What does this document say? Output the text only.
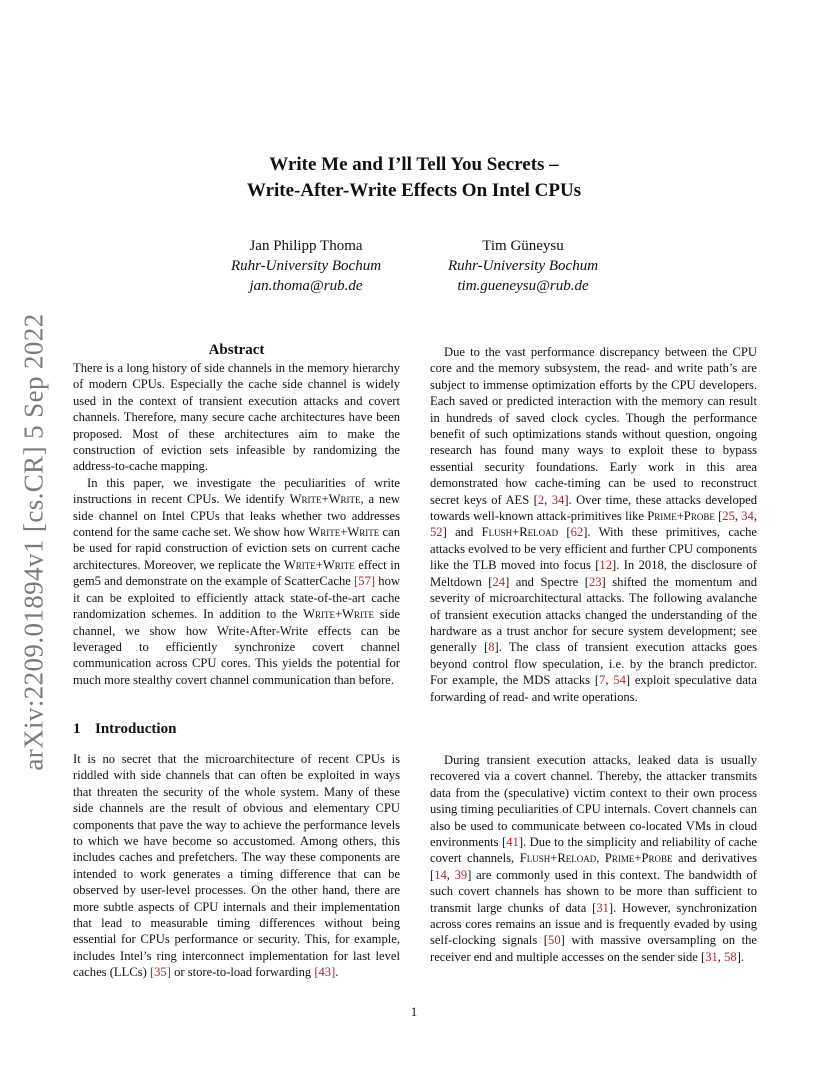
arXiv:2209.01894v1 [cs.CR] 5 Sep 2022
Write Me and I’ll Tell You Secrets –
Write-After-Write Effects On Intel CPUs
Jan Philipp Thoma
Ruhr-University Bochum
jan.thoma@rub.de
Tim Güneysu
Ruhr-University Bochum
tim.gueneysu@rub.de
Abstract

There is a long history of side channels in the memory hierarchy of modern CPUs. Especially the cache side channel is widely used in the context of transient execution attacks and covert channels. Therefore, many secure cache architectures have been proposed. Most of these architectures aim to make the construction of eviction sets infeasible by randomizing the address-to-cache mapping.

In this paper, we investigate the peculiarities of write instructions in recent CPUs. We identify Write+Write, a new side channel on Intel CPUs that leaks whether two addresses contend for the same cache set. We show how Write+Write can be used for rapid construction of eviction sets on current cache architectures. Moreover, we replicate the Write+Write effect in gem5 and demonstrate on the example of ScatterCache [57] how it can be exploited to efficiently attack state-of-the-art cache randomization schemes. In addition to the Write+Write side channel, we show how Write-After-Write effects can be leveraged to efficiently synchronize covert channel communication across CPU cores. This yields the potential for much more stealthy covert channel communication than before.

1 Introduction

It is no secret that the microarchitecture of recent CPUs is riddled with side channels that can often be exploited in ways that threaten the security of the whole system. Many of these side channels are the result of obvious and elementary CPU components that pave the way to achieve the performance levels to which we have become so accustomed. Among others, this includes caches and prefetchers. The way these components are intended to work generates a timing difference that can be observed by user-level processes. On the other hand, there are more subtle aspects of CPU internals and their implementation that lead to measurable timing differences without being essential for CPUs performance or security. This, for example, includes Intel’s ring interconnect implementation for last level caches (LLCs) [35] or store-to-load forwarding [43].

Due to the vast performance discrepancy between the CPU core and the memory subsystem, the read- and write path’s are subject to immense optimization efforts by the CPU developers. Each saved or predicted interaction with the memory can result in hundreds of saved clock cycles. Though the performance benefit of such optimizations stands without question, ongoing research has found many ways to exploit these to bypass essential security foundations. Early work in this area demonstrated how cache-timing can be used to reconstruct secret keys of AES [2, 34]. Over time, these attacks developed towards well-known attack-primitives like Prime+Probe [25, 34, 52] and Flush+Reload [62]. With these primitives, cache attacks evolved to be very efficient and further CPU components like the TLB moved into focus [12]. In 2018, the disclosure of Meltdown [24] and Spectre [23] shifted the momentum and severity of microarchitectural attacks. The following avalanche of transient execution attacks changed the understanding of the hardware as a trust anchor for secure system development; see generally [8]. The class of transient execution attacks goes beyond control flow speculation, i.e. by the branch predictor. For example, the MDS attacks [7, 54] exploit speculative data forwarding of read- and write operations.

During transient execution attacks, leaked data is usually recovered via a covert channel. Thereby, the attacker transmits data from the (speculative) victim context to their own process using timing peculiarities of CPU internals. Covert channels can also be used to communicate between co-located VMs in cloud environments [41]. Due to the simplicity and reliability of cache covert channels, Flush+Reload, Prime+Probe and derivatives [14, 39] are commonly used in this context. The bandwidth of such covert channels has shown to be more than sufficient to transmit large chunks of data [31]. However, synchronization across cores remains an issue and is frequently evaded by using self-clocking signals [50] with massive oversampling on the receiver end and multiple accesses on the sender side [31, 58].

1
